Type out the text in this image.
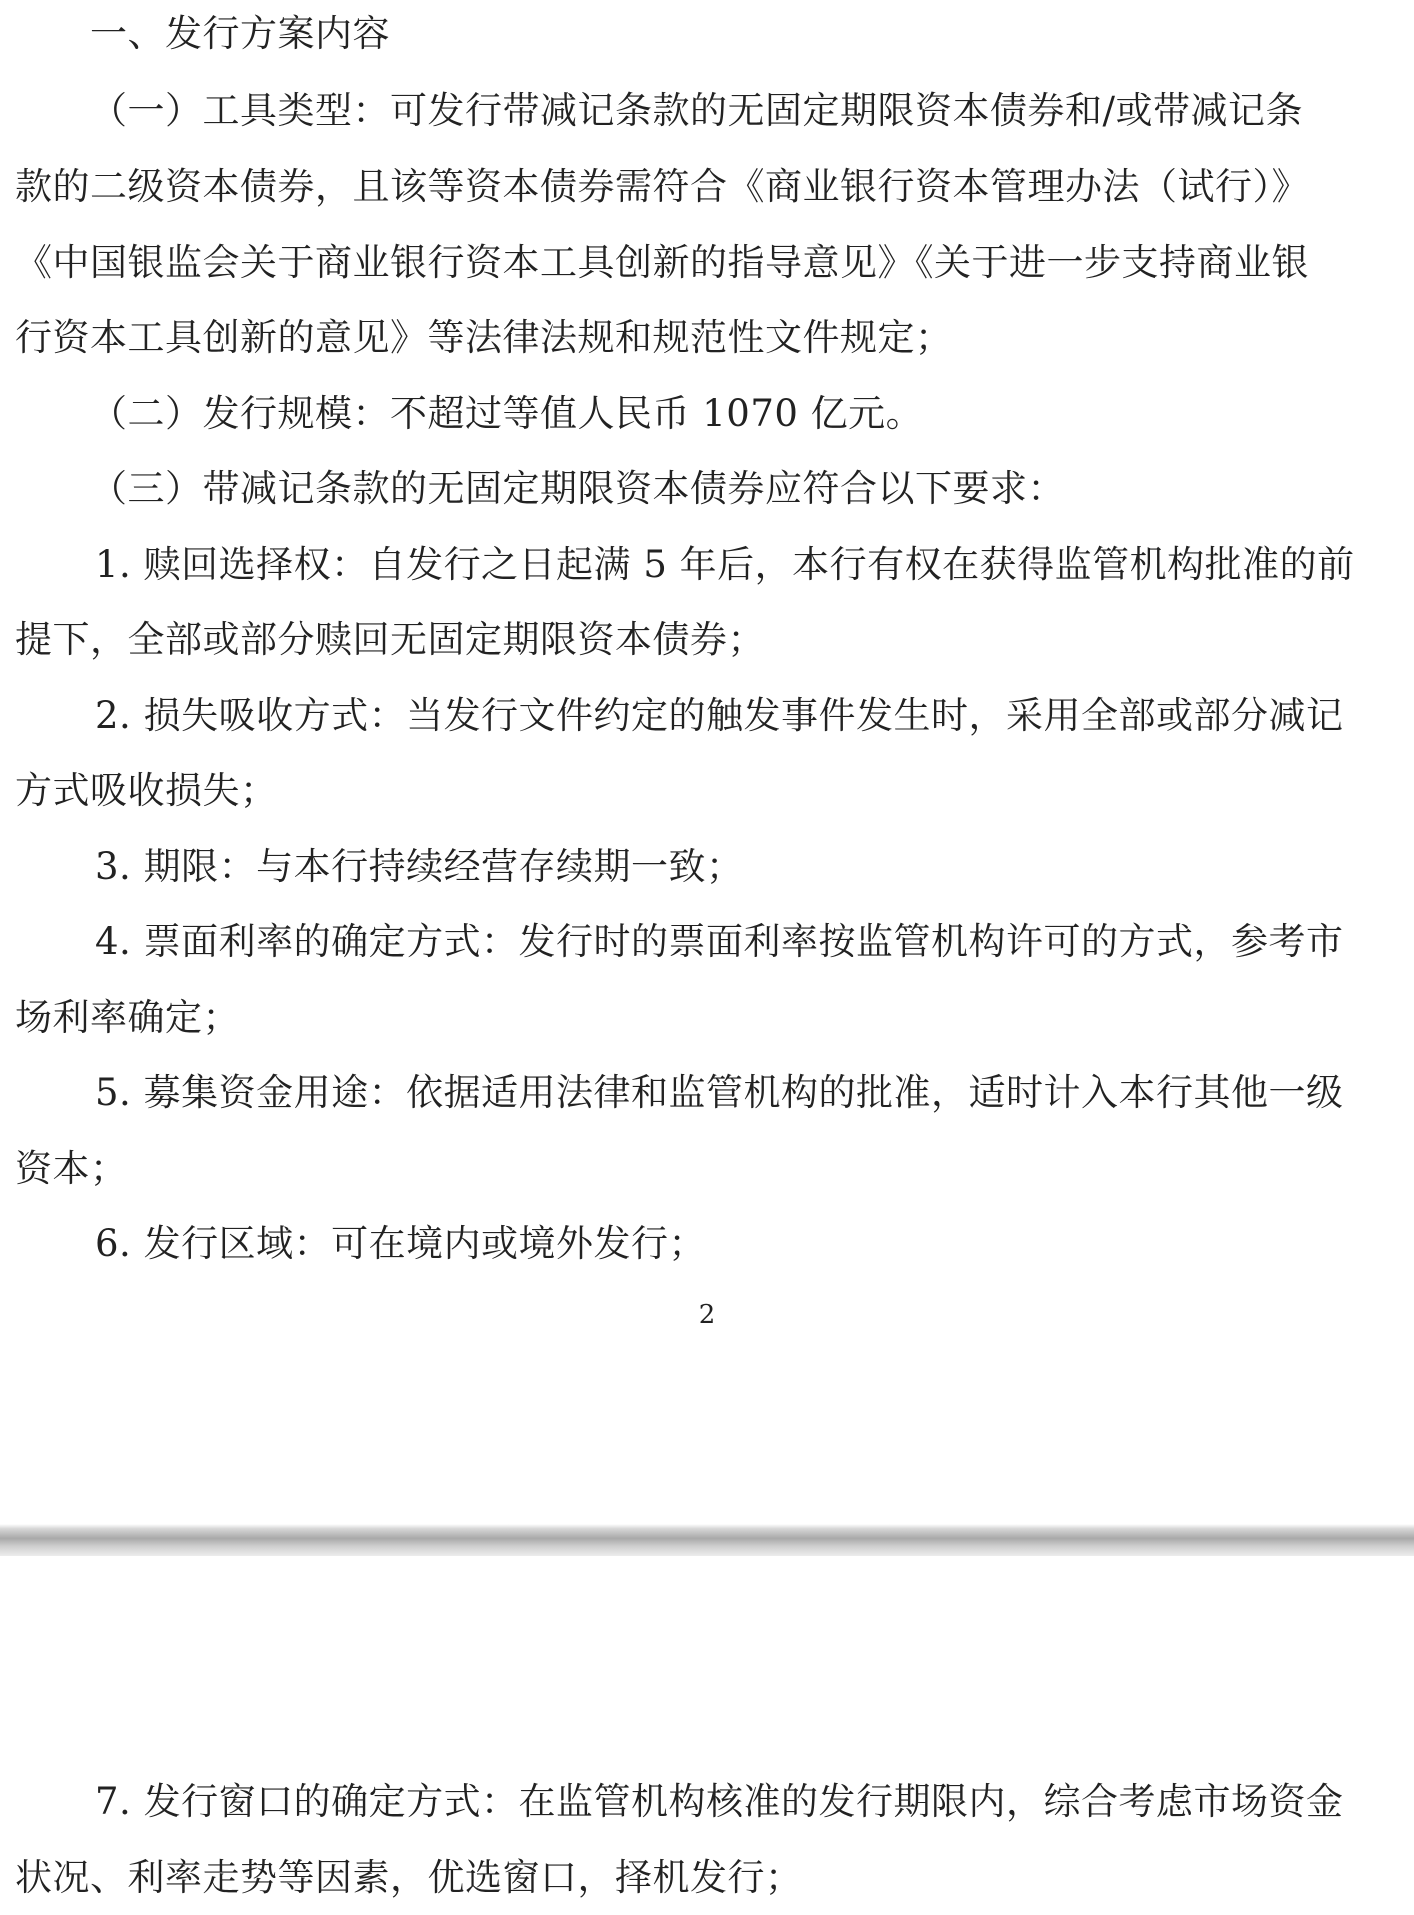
一、发行方案内容
（一）工具类型：可发行带减记条款的无固定期限资本债券和/或带减记条
款的二级资本债券，且该等资本债券需符合《商业银行资本管理办法（试行）》
《中国银监会关于商业银行资本工具创新的指导意见》《关于进一步支持商业银
行资本工具创新的意见》等法律法规和规范性文件规定；
（二）发行规模：不超过等值人民币 1070 亿元。
（三）带减记条款的无固定期限资本债券应符合以下要求：
1. 赎回选择权：自发行之日起满 5 年后，本行有权在获得监管机构批准的前
提下，全部或部分赎回无固定期限资本债券；
2. 损失吸收方式：当发行文件约定的触发事件发生时，采用全部或部分减记
方式吸收损失；
3. 期限：与本行持续经营存续期一致；
4. 票面利率的确定方式：发行时的票面利率按监管机构许可的方式，参考市
场利率确定；
5. 募集资金用途：依据适用法律和监管机构的批准，适时计入本行其他一级
资本；
6. 发行区域：可在境内或境外发行；
2
7. 发行窗口的确定方式：在监管机构核准的发行期限内，综合考虑市场资金
状况、利率走势等因素，优选窗口，择机发行；
